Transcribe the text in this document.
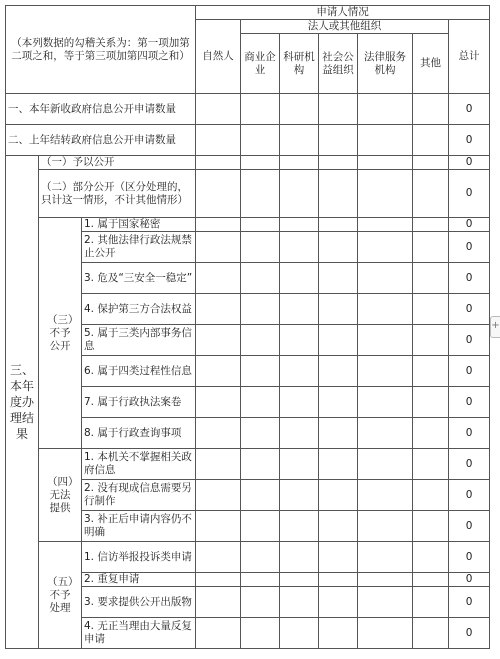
（本列数据的勾稽关系为：第一项加第二项之和，等于第三项加第四项之和）			申请人情况						
			自然人	法人或其他组织					总计
				商业企业	科研机构	社会公益组织	法律服务机构	其他	

一、本年新收政府信息公开申请数量									0
二、上年结转政府信息公开申请数量									0
三、本年度办理结果	（一）予以公开								0
	（二）部分公开（区分处理的，只计这一情形，不计其他情形）								0
	（三）不予公开	1. 属于国家秘密							0
		2. 其他法律行政法规禁止公开							0
		3. 危及“三安全一稳定”							0
		4. 保护第三方合法权益							0
		5. 属于三类内部事务信息							0
		6. 属于四类过程性信息							0
		7. 属于行政执法案卷							0
		8. 属于行政查询事项							0
	（四）无法提供	1. 本机关不掌握相关政府信息							0
		2. 没有现成信息需要另行制作							0
		3. 补正后申请内容仍不明确							0
	（五）不予处理	1. 信访举报投诉类申请							0
		2. 重复申请							0
		3. 要求提供公开出版物							0
		4. 无正当理由大量反复申请							0
+
